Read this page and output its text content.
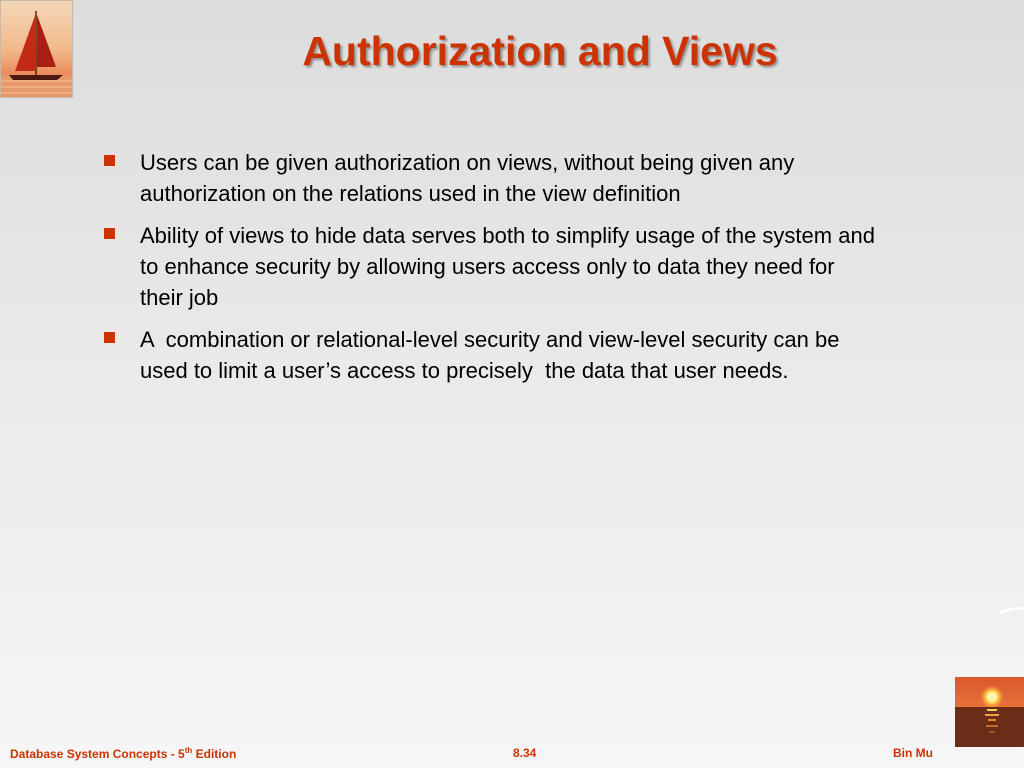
Authorization and Views
Users can be given authorization on views, without being given any authorization on the relations used in the view definition
Ability of views to hide data serves both to simplify usage of the system and to enhance security by allowing users access only to data they need for their job
A  combination or relational-level security and view-level security can be used to limit a user’s access to precisely  the data that user needs.
Database System Concepts - 5th Edition	8.34	Bin Mu
